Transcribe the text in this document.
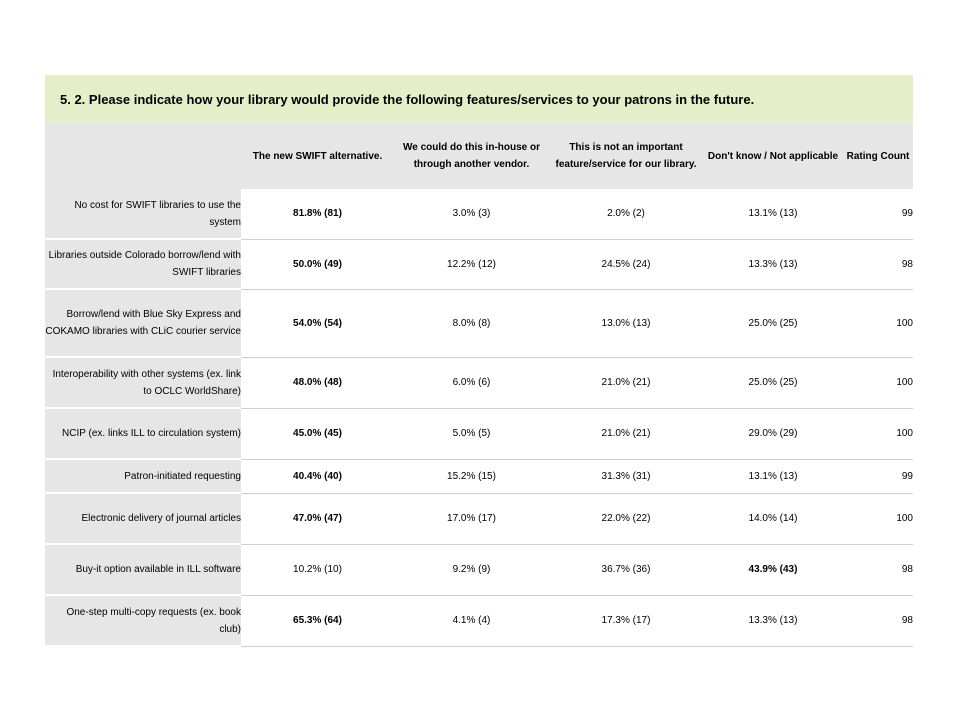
5. 2. Please indicate how your library would provide the following features/services to your patrons in the future.
	The new SWIFT alternative.	We could do this in-house or through another vendor.	This is not an important feature/service for our library.	Don't know / Not applicable	Rating Count
No cost for SWIFT libraries to use the system	81.8% (81)	3.0% (3)	2.0% (2)	13.1% (13)	99
Libraries outside Colorado borrow/lend with SWIFT libraries	50.0% (49)	12.2% (12)	24.5% (24)	13.3% (13)	98
Borrow/lend with Blue Sky Express and COKAMO libraries with CLiC courier service	54.0% (54)	8.0% (8)	13.0% (13)	25.0% (25)	100
Interoperability with other systems (ex. link to OCLC WorldShare)	48.0% (48)	6.0% (6)	21.0% (21)	25.0% (25)	100
NCIP (ex. links ILL to circulation system)	45.0% (45)	5.0% (5)	21.0% (21)	29.0% (29)	100
Patron-initiated requesting	40.4% (40)	15.2% (15)	31.3% (31)	13.1% (13)	99
Electronic delivery of journal articles	47.0% (47)	17.0% (17)	22.0% (22)	14.0% (14)	100
Buy-it option available in ILL software	10.2% (10)	9.2% (9)	36.7% (36)	43.9% (43)	98
One-step multi-copy requests (ex. book club)	65.3% (64)	4.1% (4)	17.3% (17)	13.3% (13)	98
